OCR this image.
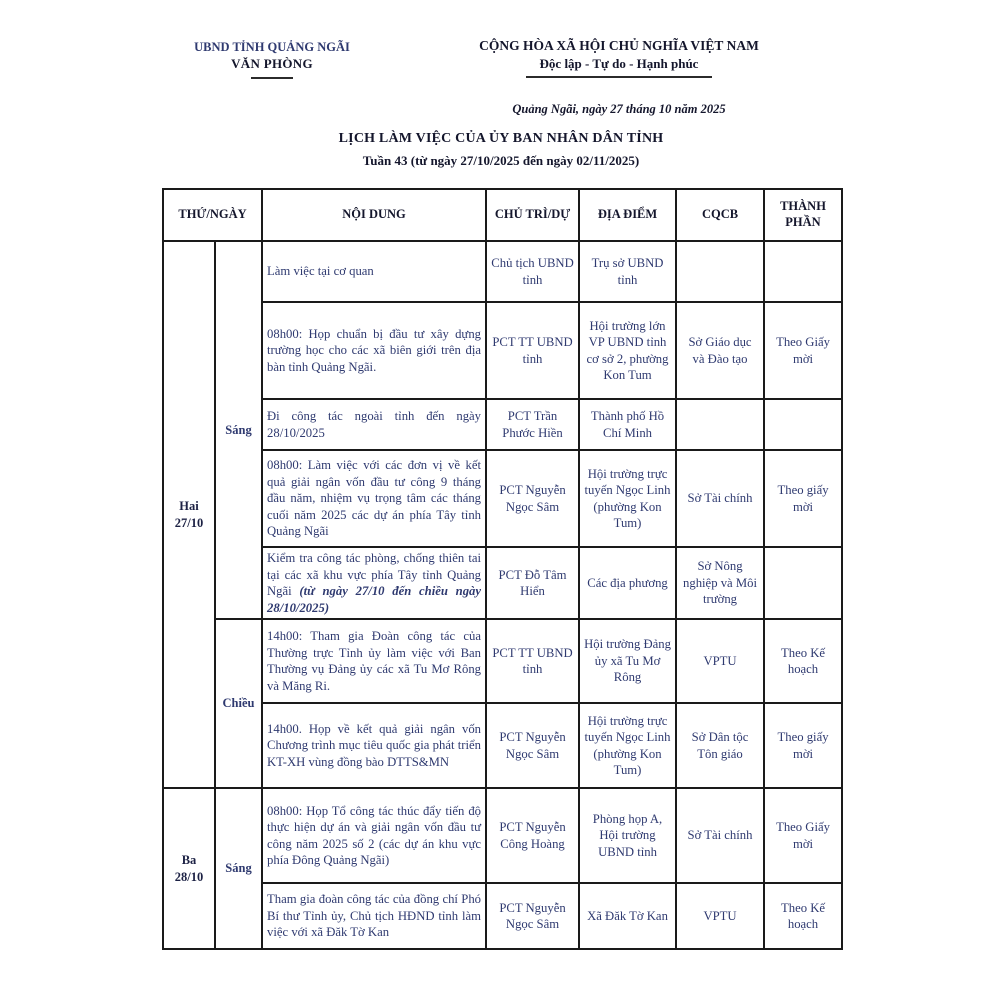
UBND TỈNH QUẢNG NGÃI
VĂN PHÒNG
CỘNG HÒA XÃ HỘI CHỦ NGHĨA VIỆT NAM
Độc lập - Tự do - Hạnh phúc
Quảng Ngãi, ngày 27 tháng 10 năm 2025
LỊCH LÀM VIỆC CỦA ỦY BAN NHÂN DÂN TỈNH
Tuần 43 (từ ngày 27/10/2025 đến ngày 02/11/2025)
THỨ/NGÀY		NỘI DUNG	CHỦ TRÌ/DỰ	ĐỊA ĐIỂM	CQCB	THÀNH PHẦN

Hai
27/10	Sáng	Làm việc tại cơ quan	Chủ tịch UBND tỉnh	Trụ sở UBND tỉnh		
		08h00: Họp chuẩn bị đầu tư xây dựng trường học cho các xã biên giới trên địa bàn tỉnh Quảng Ngãi.	PCT TT UBND tỉnh	Hội trường lớn VP UBND tỉnh cơ sở 2, phường Kon Tum	Sở Giáo dục và Đào tạo	Theo Giấy mời
		Đi công tác ngoài tỉnh đến ngày 28/10/2025	PCT Trần Phước Hiền	Thành phố Hồ Chí Minh		
		08h00: Làm việc với các đơn vị về kết quả giải ngân vốn đầu tư công 9 tháng đầu năm, nhiệm vụ trọng tâm các tháng cuối năm 2025 các dự án phía Tây tỉnh Quảng Ngãi	PCT Nguyễn Ngọc Sâm	Hội trường trực tuyến Ngọc Linh (phường Kon Tum)	Sở Tài chính	Theo giấy mời
		Kiểm tra công tác phòng, chống thiên tai tại các xã khu vực phía Tây tỉnh Quảng Ngãi (từ ngày 27/10 đến chiều ngày 28/10/2025)	PCT Đỗ Tâm Hiển	Các địa phương	Sở Nông nghiệp và Môi trường	
	Chiều	14h00: Tham gia Đoàn công tác của Thường trực Tỉnh ủy làm việc với Ban Thường vụ Đảng ủy các xã Tu Mơ Rông và Măng Ri.	PCT TT UBND tỉnh	Hội trường Đảng ủy xã Tu Mơ Rông	VPTU	Theo Kế hoạch
		14h00. Họp về kết quả giải ngân vốn Chương trình mục tiêu quốc gia phát triển KT-XH vùng đồng bào DTTS&MN	PCT Nguyễn Ngọc Sâm	Hội trường trực tuyến Ngọc Linh (phường Kon Tum)	Sở Dân tộc Tôn giáo	Theo giấy mời

Ba
28/10	Sáng	08h00: Họp Tổ công tác thúc đẩy tiến độ thực hiện dự án và giải ngân vốn đầu tư công năm 2025 số 2 (các dự án khu vực phía Đông Quảng Ngãi)	PCT Nguyễn Công Hoàng	Phòng họp A, Hội trường UBND tỉnh	Sở Tài chính	Theo Giấy mời
		Tham gia đoàn công tác của đồng chí Phó Bí thư Tỉnh ủy, Chủ tịch HĐND tỉnh làm việc với xã Đăk Tờ Kan	PCT Nguyễn Ngọc Sâm	Xã Đăk Tờ Kan	VPTU	Theo Kế hoạch
